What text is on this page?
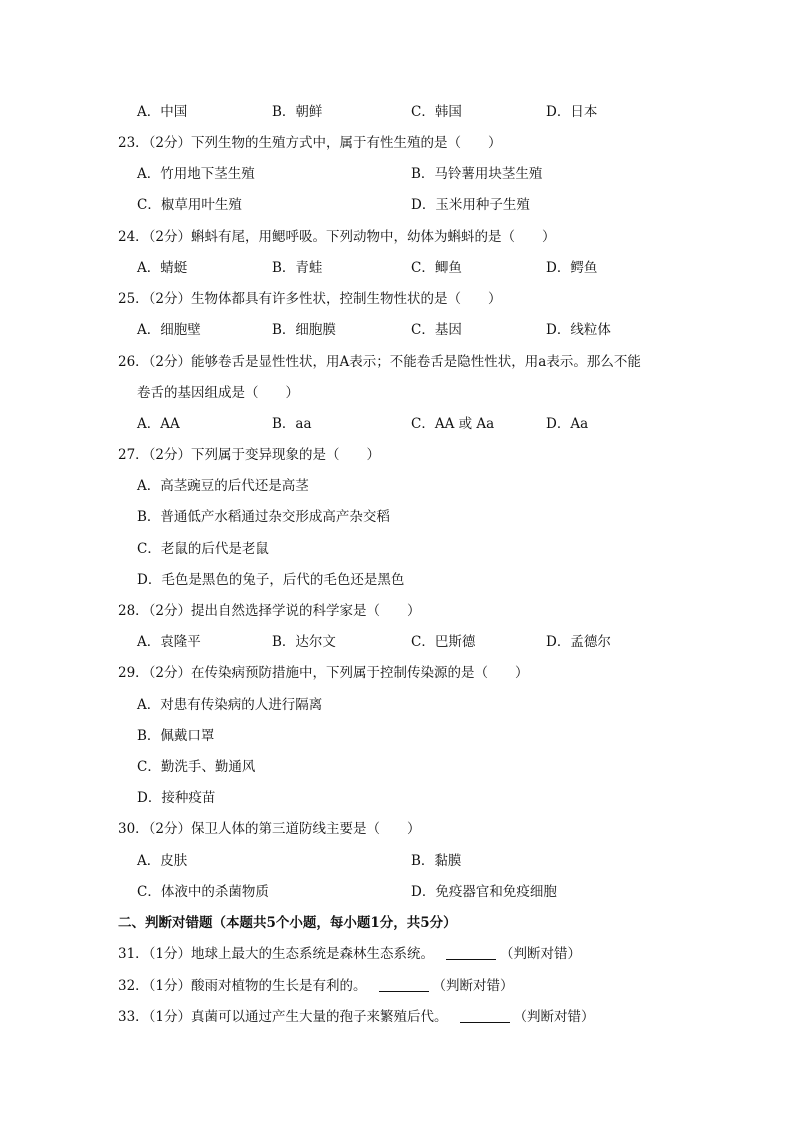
A．中国	B．朝鲜	C．韩国	D．日本
23．（2分）下列生物的生殖方式中，属于有性生殖的是（　　）
A．竹用地下茎生殖	B．马铃薯用块茎生殖
C．椒草用叶生殖	D．玉米用种子生殖
24．（2分）蝌蚪有尾，用鳃呼吸。下列动物中，幼体为蝌蚪的是（　　）
A．蜻蜓	B．青蛙	C．鲫鱼	D．鳄鱼
25．（2分）生物体都具有许多性状，控制生物性状的是（　　）
A．细胞壁	B．细胞膜	C．基因	D．线粒体
26．（2分）能够卷舌是显性性状，用A表示；不能卷舌是隐性性状，用a表示。那么不能
卷舌的基因组成是（　　）
A．AA	B．aa	C．AA 或 Aa	D．Aa
27．（2分）下列属于变异现象的是（　　）
A．高茎豌豆的后代还是高茎
B．普通低产水稻通过杂交形成高产杂交稻
C．老鼠的后代是老鼠
D．毛色是黑色的兔子，后代的毛色还是黑色
28．（2分）提出自然选择学说的科学家是（　　）
A．袁隆平	B．达尔文	C．巴斯德	D．孟德尔
29．（2分）在传染病预防措施中，下列属于控制传染源的是（　　）
A．对患有传染病的人进行隔离
B．佩戴口罩
C．勤洗手、勤通风
D．接种疫苗
30．（2分）保卫人体的第三道防线主要是（　　）
A．皮肤	B．黏膜
C．体液中的杀菌物质	D．免疫器官和免疫细胞
二、判断对错题（本题共5个小题，每小题1分，共5分）
31．（1分）地球上最大的生态系统是森林生态系统。	（判断对错）
32．（1分）酸雨对植物的生长是有利的。	（判断对错）
33．（1分）真菌可以通过产生大量的孢子来繁殖后代。	（判断对错）
